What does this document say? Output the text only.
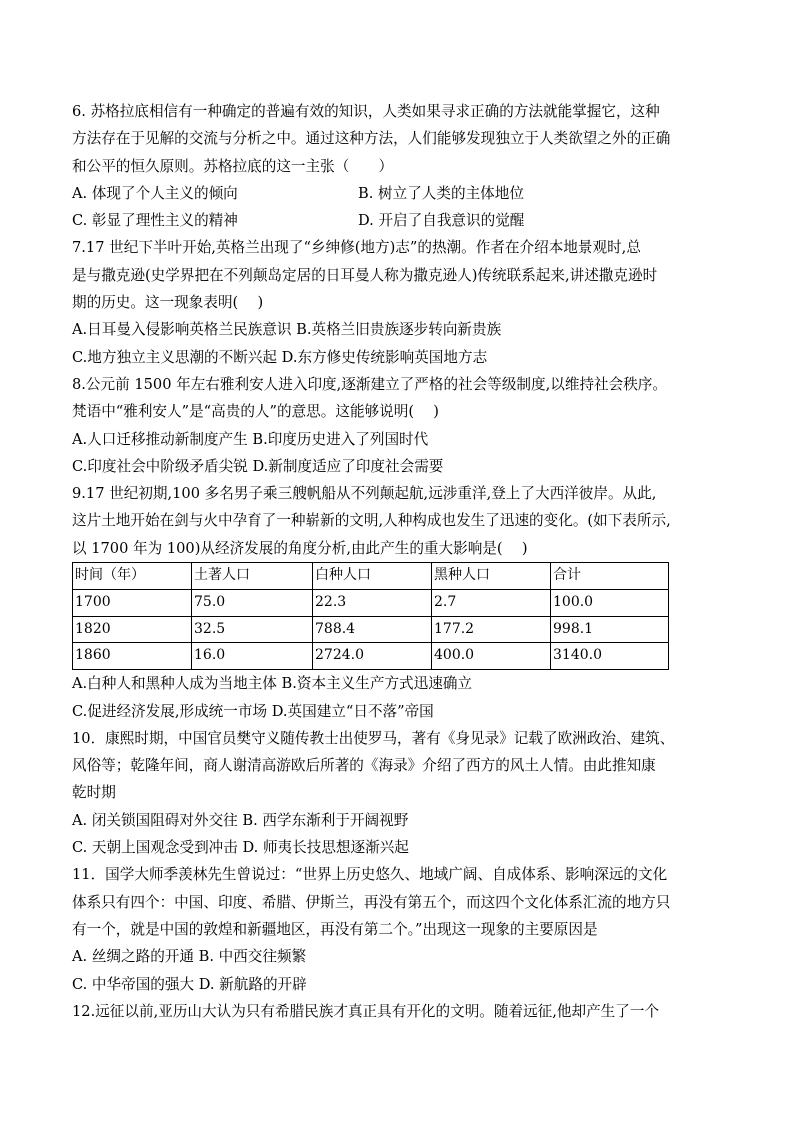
6. 苏格拉底相信有一种确定的普遍有效的知识，人类如果寻求正确的方法就能掌握它，这种
方法存在于见解的交流与分析之中。通过这种方法，人们能够发现独立于人类欲望之外的正确
和公平的恒久原则。苏格拉底的这一主张（　　）
A. 体现了个人主义的倾向	B. 树立了人类的主体地位
C. 彰显了理性主义的精神	D. 开启了自我意识的觉醒
7.17 世纪下半叶开始,英格兰出现了“乡绅修(地方)志”的热潮。作者在介绍本地景观时,总
是与撒克逊(史学界把在不列颠岛定居的日耳曼人称为撒克逊人)传统联系起来,讲述撒克逊时
期的历史。这一现象表明(　 )
A.日耳曼入侵影响英格兰民族意识 B.英格兰旧贵族逐步转向新贵族
C.地方独立主义思潮的不断兴起 D.东方修史传统影响英国地方志
8.公元前 1500 年左右雅利安人进入印度,逐渐建立了严格的社会等级制度,以维持社会秩序。
梵语中“雅利安人”是“高贵的人”的意思。这能够说明(　 )
A.人口迁移推动新制度产生 B.印度历史进入了列国时代
C.印度社会中阶级矛盾尖锐 D.新制度适应了印度社会需要
9.17 世纪初期,100 多名男子乘三艘帆船从不列颠起航,远涉重洋,登上了大西洋彼岸。从此,
这片土地开始在剑与火中孕育了一种崭新的文明,人种构成也发生了迅速的变化。(如下表所示,
以 1700 年为 100)从经济发展的角度分析,由此产生的重大影响是(　 )
时间（年）	土著人口	白种人口	黑种人口	合计
1700	75.0	22.3	2.7	100.0
1820	32.5	788.4	177.2	998.1
1860	16.0	2724.0	400.0	3140.0
A.白种人和黑种人成为当地主体 B.资本主义生产方式迅速确立
C.促进经济发展,形成统一市场 D.英国建立“日不落”帝国
10．康熙时期，中国官员樊守义随传教士出使罗马，著有《身见录》记载了欧洲政治、建筑、
风俗等；乾隆年间，商人谢清高游欧后所著的《海录》介绍了西方的风土人情。由此推知康
乾时期
A. 闭关锁国阻碍对外交往 B. 西学东渐利于开阔视野
C. 天朝上国观念受到冲击 D. 师夷长技思想逐渐兴起
11．国学大师季羡林先生曾说过：“世界上历史悠久、地域广阔、自成体系、影响深远的文化
体系只有四个：中国、印度、希腊、伊斯兰，再没有第五个，而这四个文化体系汇流的地方只
有一个，就是中国的敦煌和新疆地区，再没有第二个。”出现这一现象的主要原因是
A. 丝绸之路的开通 B. 中西交往频繁
C. 中华帝国的强大 D. 新航路的开辟
12.远征以前,亚历山大认为只有希腊民族才真正具有开化的文明。随着远征,他却产生了一个
